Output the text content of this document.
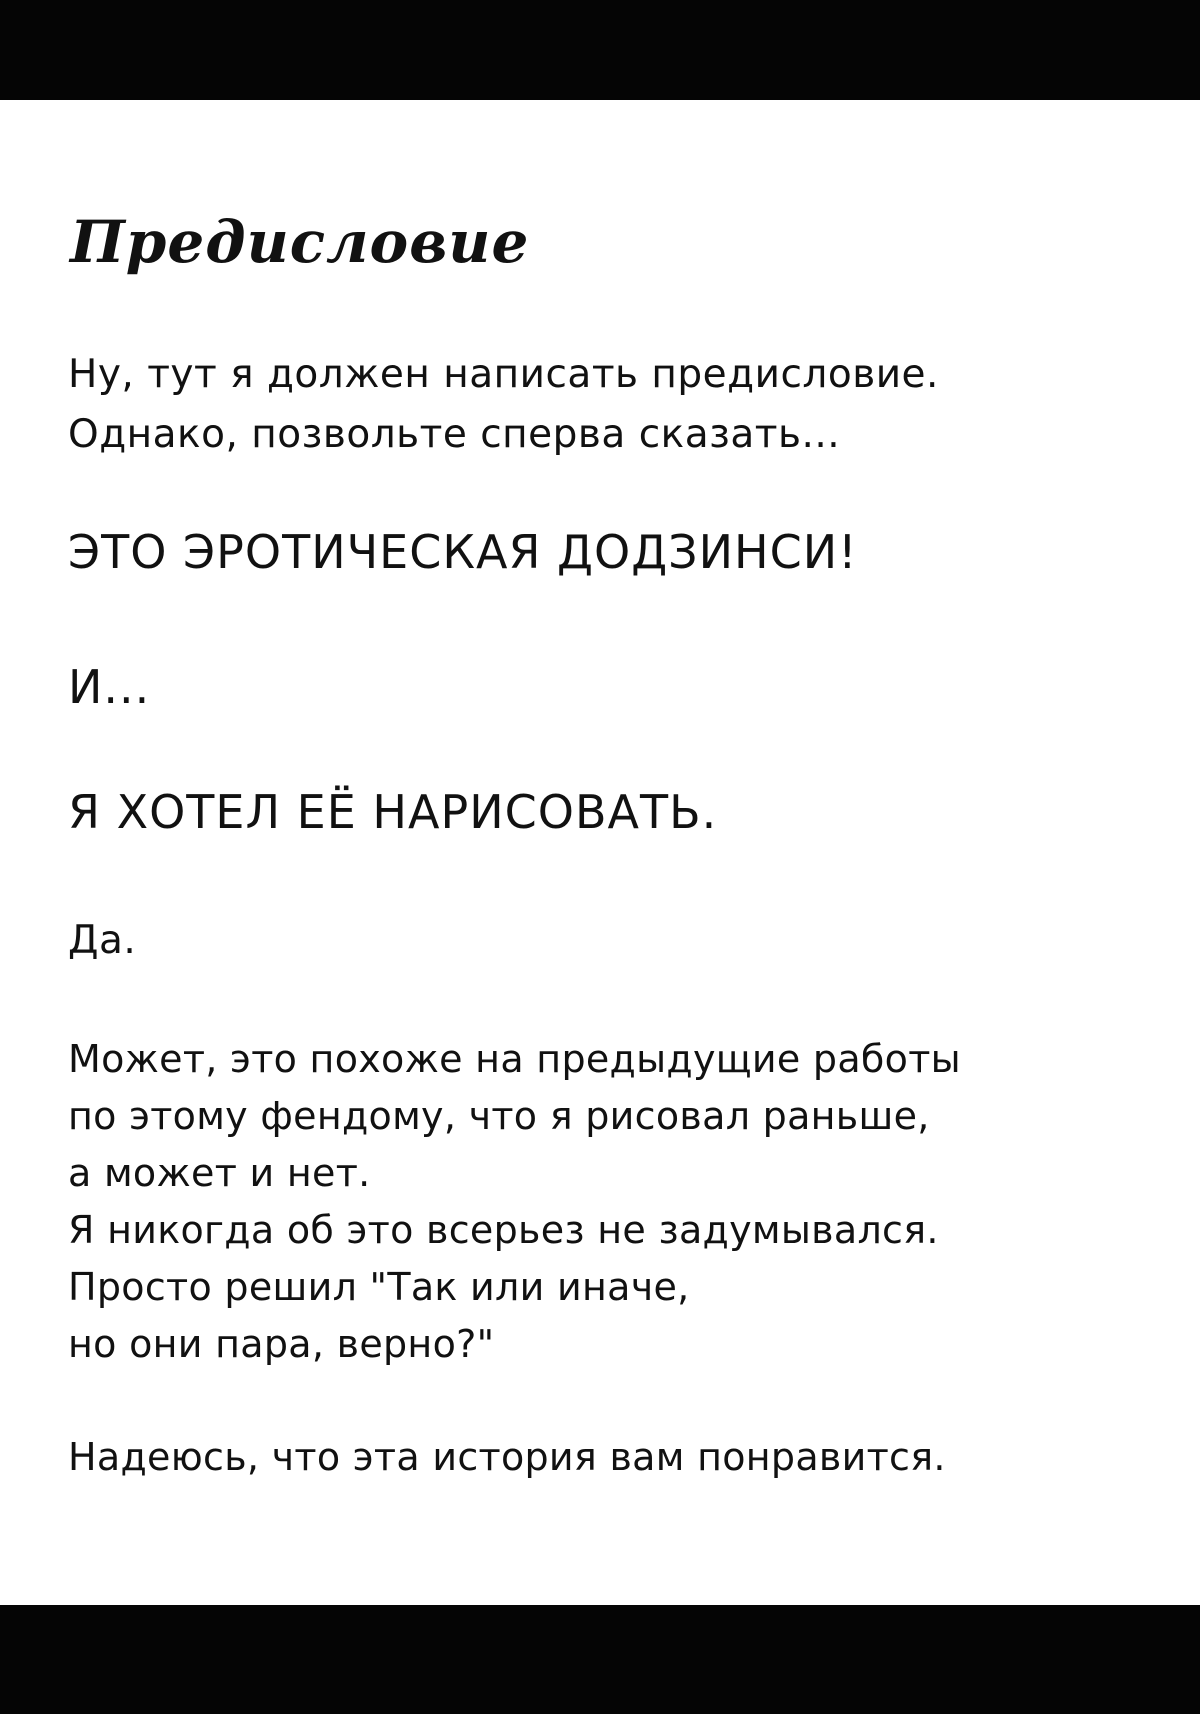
Предисловие
Ну, тут я должен написать предисловие.
Однако, позвольте сперва сказать...
ЭТО ЭРОТИЧЕСКАЯ ДОДЗИНСИ!
И...
Я ХОТЕЛ ЕЁ НАРИСОВАТЬ.
Да.
Может, это похоже на предыдущие работы
по этому фендому, что я рисовал раньше,
а может и нет.
Я никогда об это всерьез не задумывался.
Просто решил "Так или иначе,
но они пара, верно?"
Надеюсь, что эта история вам понравится.
